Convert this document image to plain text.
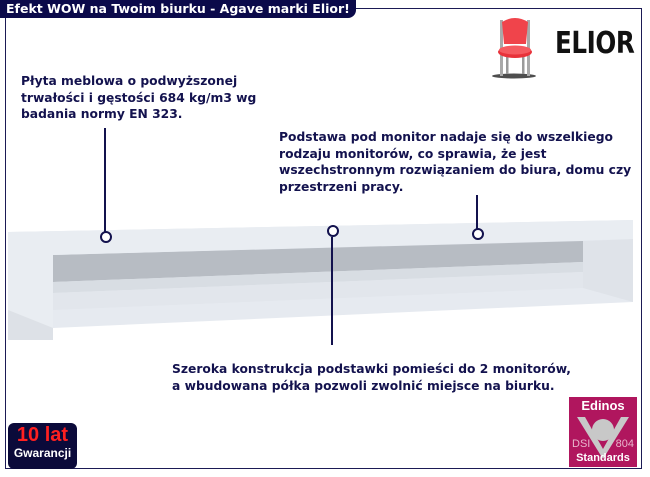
Efekt WOW na Twoim biurku - Agave marki Elior!
ELIOR
Płyta meblowa o podwyższonej trwałości i gęstości 684 kg/m3 wg badania normy EN 323.
Podstawa pod monitor nadaje się do wszelkiego rodzaju monitorów, co sprawia, że jest wszechstronnym rozwiązaniem do biura, domu czy przestrzeni pracy.
Szeroka konstrukcja podstawki pomieści do 2 monitorów, a wbudowana półka pozwoli zwolnić miejsce na biurku.
10 lat
Gwarancji
Edinos
DSI 804
Standards
